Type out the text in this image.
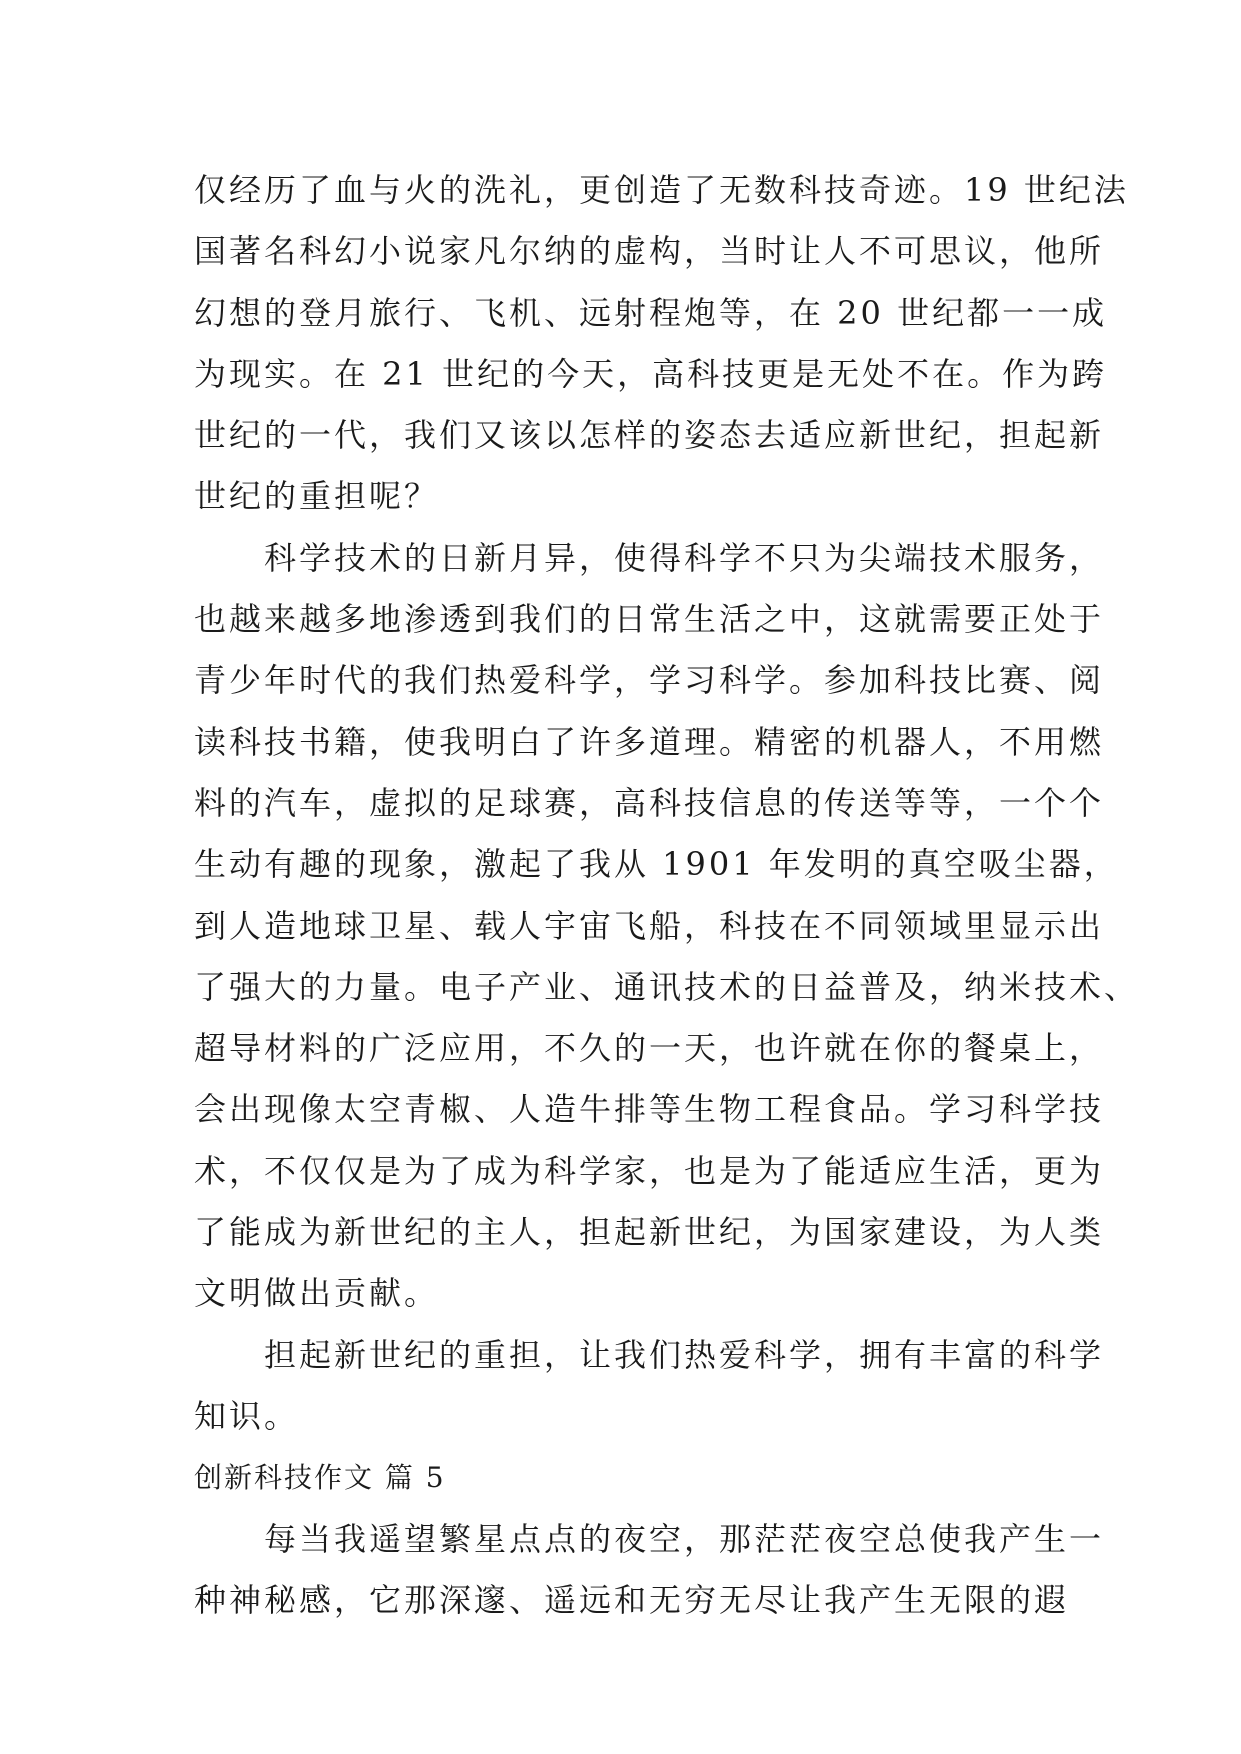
仅经历了血与火的洗礼，更创造了无数科技奇迹。19 世纪法
国著名科幻小说家凡尔纳的虚构，当时让人不可思议，他所
幻想的登月旅行、飞机、远射程炮等，在 20 世纪都一一成
为现实。在 21 世纪的今天，高科技更是无处不在。作为跨
世纪的一代，我们又该以怎样的姿态去适应新世纪，担起新
世纪的重担呢？

科学技术的日新月异，使得科学不只为尖端技术服务，
也越来越多地渗透到我们的日常生活之中，这就需要正处于
青少年时代的我们热爱科学，学习科学。参加科技比赛、阅
读科技书籍，使我明白了许多道理。精密的机器人，不用燃
料的汽车，虚拟的足球赛，高科技信息的传送等等，一个个
生动有趣的现象，激起了我从 1901 年发明的真空吸尘器，
到人造地球卫星、载人宇宙飞船，科技在不同领域里显示出
了强大的力量。电子产业、通讯技术的日益普及，纳米技术、
超导材料的广泛应用，不久的一天，也许就在你的餐桌上，
会出现像太空青椒、人造牛排等生物工程食品。学习科学技
术，不仅仅是为了成为科学家，也是为了能适应生活，更为
了能成为新世纪的主人，担起新世纪，为国家建设，为人类
文明做出贡献。

担起新世纪的重担，让我们热爱科学，拥有丰富的科学
知识。

创新科技作文 篇 5

每当我遥望繁星点点的夜空，那茫茫夜空总使我产生一
种神秘感，它那深邃、遥远和无穷无尽让我产生无限的遐
